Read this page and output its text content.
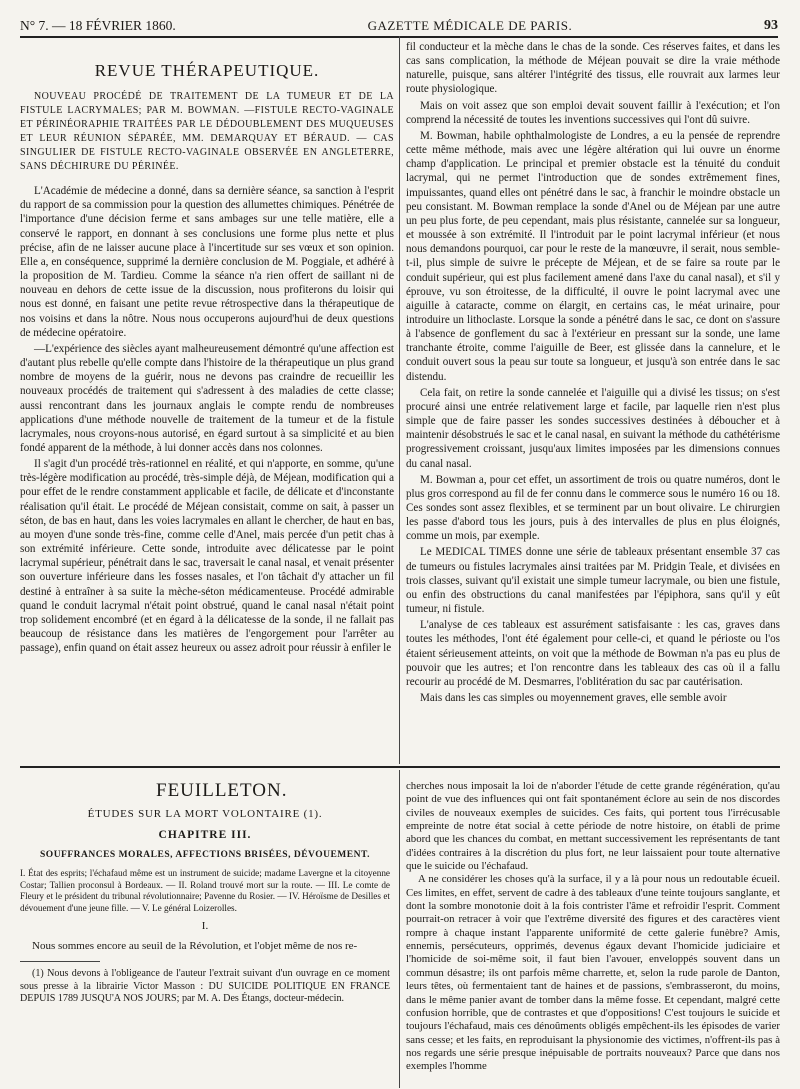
N° 7. — 18 FÉVRIER 1860.	GAZETTE MÉDICALE DE PARIS.	93
REVUE THÉRAPEUTIQUE.
NOUVEAU PROCÉDÉ DE TRAITEMENT DE LA TUMEUR ET DE LA FISTULE LACRYMALES; PAR M. BOWMAN. —FISTULE RECTO-VAGINALE ET PÉRINÉORAPHIE TRAITÉES PAR LE DÉDOUBLEMENT DES MUQUEUSES ET LEUR RÉUNION SÉPARÉE, MM. DEMARQUAY ET BÉRAUD. — CAS SINGULIER DE FISTULE RECTO-VAGINALE OBSERVÉE EN ANGLETERRE, SANS DÉCHIRURE DU PÉRINÉE.

L'Académie de médecine a donné, dans sa dernière séance, sa sanction à l'esprit du rapport de sa commission pour la question des allumettes chimiques. Pénétrée de l'importance d'une décision ferme et sans ambages sur une telle matière, elle a conservé le rapport, en donnant à ses conclusions une forme plus nette et plus précise, afin de ne laisser aucune place à l'incertitude sur ses vœux et son opinion. Elle a, en conséquence, supprimé la dernière conclusion de M. Poggiale, et adhéré à la proposition de M. Tardieu. Comme la séance n'a rien offert de saillant ni de nouveau en dehors de cette issue de la discussion, nous profiterons du loisir qui nous est donné, en faisant une petite revue rétrospective dans la thérapeutique de nos voisins et dans la nôtre. Nous nous occuperons aujourd'hui de deux questions de médecine opératoire.

—L'expérience des siècles ayant malheureusement démontré qu'une affection est d'autant plus rebelle qu'elle compte dans l'histoire de la thérapeutique un plus grand nombre de moyens de la guérir, nous ne devons pas craindre de recueillir les nouveaux procédés de traitement qui s'adressent à des maladies de cette classe; aussi rencontrant dans les journaux anglais le compte rendu de nombreuses applications d'une méthode nouvelle de traitement de la tumeur et de la fistule lacrymales, nous croyons-nous autorisé, en égard surtout à sa simplicité et au bien fondé apparent de la méthode, à lui donner accès dans nos colonnes.

Il s'agit d'un procédé très-rationnel en réalité, et qui n'apporte, en somme, qu'une très-légère modification au procédé, très-simple déjà, de Méjean, modification qui a pour effet de le rendre constamment applicable et facile, de délicate et d'inconstante réalisation qu'il était. Le procédé de Méjean consistait, comme on sait, à passer un séton, de bas en haut, dans les voies lacrymales en allant le chercher, de haut en bas, au moyen d'une sonde très-fine, comme celle d'Anel, mais percée d'un petit chas à son extrémité inférieure. Cette sonde, introduite avec délicatesse par le point lacrymal supérieur, pénétrait dans le sac, traversait le canal nasal, et venait présenter son ouverture inférieure dans les fosses nasales, et l'on tâchait d'y attacher un fil destiné à entraîner à sa suite la mèche-séton médicamenteuse. Procédé admirable quand le conduit lacrymal n'était point obstrué, quand le canal nasal n'était point trop solidement encombré (et en égard à la délicatesse de la sonde, il ne fallait pas beaucoup de résistance dans les matières de l'engorgement pour l'arrêter au passage), enfin quand on était assez heureux ou assez adroit pour réussir à enfiler le

fil conducteur et la mèche dans le chas de la sonde. Ces réserves faites, et dans les cas sans complication, la méthode de Méjean pouvait se dire la vraie méthode naturelle, puisque, sans altérer l'intégrité des tissus, elle rouvrait aux larmes leur route physiologique.

Mais on voit assez que son emploi devait souvent faillir à l'exécution; et l'on comprend la nécessité de toutes les inventions successives qui l'ont dû suivre.

M. Bowman, habile ophthalmologiste de Londres, a eu la pensée de reprendre cette même méthode, mais avec une légère altération qui lui ouvre un énorme champ d'application. Le principal et premier obstacle est la ténuité du conduit lacrymal, qui ne permet l'introduction que de sondes extrêmement fines, impuissantes, quand elles ont pénétré dans le sac, à franchir le moindre obstacle un peu consistant. M. Bowman remplace la sonde d'Anel ou de Méjean par une autre un peu plus forte, de peu cependant, mais plus résistante, cannelée sur sa longueur, et moussée à son extrémité. Il l'introduit par le point lacrymal inférieur (et nous nous demandons pourquoi, car pour le reste de la manœuvre, il serait, nous semble-t-il, plus simple de suivre le précepte de Méjean, et de se faire sa route par le conduit supérieur, qui est plus facilement amené dans l'axe du canal nasal), et s'il y éprouve, vu son étroitesse, de la difficulté, il ouvre le point lacrymal avec une aiguille à cataracte, comme on élargit, en certains cas, le méat urinaire, pour introduire un lithoclaste. Lorsque la sonde a pénétré dans le sac, ce dont on s'assure à l'absence de gonflement du sac à l'extérieur en pressant sur la sonde, une lame tranchante étroite, comme l'aiguille de Beer, est glissée dans la cannelure, et le conduit ouvert sous la peau sur toute sa longueur, et jusqu'à son entrée dans le sac distendu.

Cela fait, on retire la sonde cannelée et l'aiguille qui a divisé les tissus; on s'est procuré ainsi une entrée relativement large et facile, par laquelle rien n'est plus simple que de faire passer les sondes successives destinées à déboucher et à maintenir désobstrués le sac et le canal nasal, en suivant la méthode du cathétérisme progressivement croissant, jusqu'aux limites imposées par les dimensions connues du canal nasal.

M. Bowman a, pour cet effet, un assortiment de trois ou quatre numéros, dont le plus gros correspond au fil de fer connu dans le commerce sous le numéro 16 ou 18. Ces sondes sont assez flexibles, et se terminent par un bout olivaire. Le chirurgien les passe d'abord tous les jours, puis à des intervalles de plus en plus éloignés, comme un mois, par exemple.

Le MEDICAL TIMES donne une série de tableaux présentant ensemble 37 cas de tumeurs ou fistules lacrymales ainsi traitées par M. Pridgin Teale, et divisées en trois classes, suivant qu'il existait une simple tumeur lacrymale, ou bien une fistule, ou enfin des obstructions du canal manifestées par l'épiphora, sans qu'il y eût tumeur, ni fistule.

L'analyse de ces tableaux est assurément satisfaisante : les cas, graves dans toutes les méthodes, l'ont été également pour celle-ci, et quand le périoste ou l'os étaient sérieusement atteints, on voit que la méthode de Bowman n'a pas eu plus de pouvoir que les autres; et l'on rencontre dans les tableaux des cas où il a fallu recourir au procédé de M. Desmarres, l'oblitération du sac par cautérisation.

Mais dans les cas simples ou moyennement graves, elle semble avoir

FEUILLETON.
ÉTUDES SUR LA MORT VOLONTAIRE (1).
CHAPITRE III.
SOUFFRANCES MORALES, AFFECTIONS BRISÉES, DÉVOUEMENT.
I. État des esprits; l'échafaud même est un instrument de suicide; madame Lavergne et la citoyenne Costar; Tallien proconsul à Bordeaux. — II. Roland trouvé mort sur la route. — III. Le comte de Fleury et le président du tribunal révolutionnaire; Pavenne du Rosier. — IV. Héroïsme de Desilles et dévouement d'une jeune fille. — V. Le général Loizerolles.
I.

Nous sommes encore au seuil de la Révolution, et l'objet même de nos re-

(1) Nous devons à l'obligeance de l'auteur l'extrait suivant d'un ouvrage en ce moment sous presse à la librairie Victor Masson : DU SUICIDE POLITIQUE EN FRANCE DEPUIS 1789 JUSQU'A NOS JOURS; par M. A. Des Étangs, docteur-médecin.

cherches nous imposait la loi de n'aborder l'étude de cette grande régénération, qu'au point de vue des influences qui ont fait spontanément éclore au sein de nos discordes civiles de nouveaux exemples de suicides. Ces faits, qui portent tous l'irrécusable empreinte de notre état social à cette période de notre histoire, on établi de prime abord que les chances du combat, en mettant successivement les représentants de tant d'idées contraires à la discrétion du plus fort, ne leur laissaient pour toute alternative que le suicide ou l'échafaud.

A ne considérer les choses qu'à la surface, il y a là pour nous un redoutable écueil. Ces limites, en effet, servent de cadre à des tableaux d'une teinte toujours sanglante, et dont la sombre monotonie doit à la fois contrister l'âme et refroidir l'esprit. Comment pourrait-on retracer à voir que l'extrême diversité des figures et des caractères vient rompre à chaque instant l'apparente uniformité de cette galerie funèbre? Amis, ennemis, persécuteurs, opprimés, devenus égaux devant l'homicide judiciaire et l'homicide de soi-même soit, il faut bien l'avouer, enveloppés souvent dans un commun désastre; ils ont parfois même charrette, et, selon la rude parole de Danton, leurs têtes, où fermentaient tant de haines et de passions, s'embrasseront, du moins, dans le même panier avant de tomber dans la même fosse. Et cependant, malgré cette confusion horrible, que de contrastes et que d'oppositions! C'est toujours le suicide et toujours l'échafaud, mais ces dénoûments obligés empêchent-ils les épisodes de varier sans cesse; et les faits, en reproduisant la physionomie des victimes, n'offrent-ils pas à nos regards une série presque inépuisable de portraits nouveaux? Parce que dans nos exemples l'homme
